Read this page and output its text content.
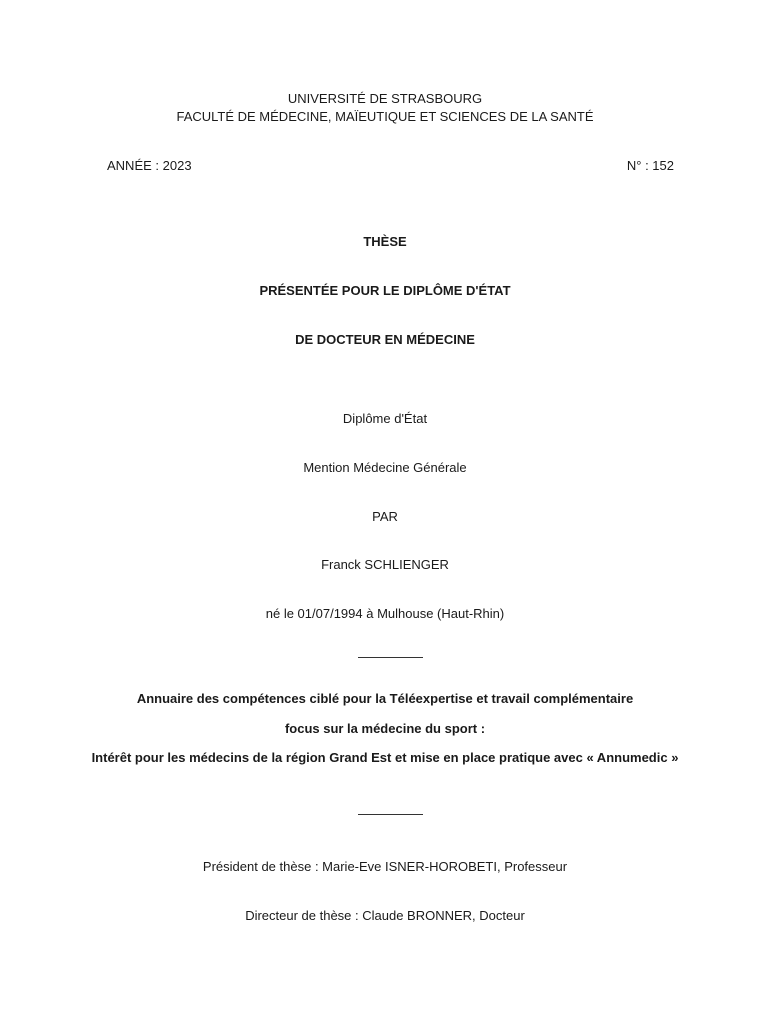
UNIVERSITÉ DE STRASBOURG
FACULTÉ DE MÉDECINE, MAÏEUTIQUE ET SCIENCES DE LA SANTÉ
ANNÉE : 2023	N° : 152
THÈSE
PRÉSENTÉE POUR LE DIPLÔME D'ÉTAT
DE DOCTEUR EN MÉDECINE
Diplôme d'État
Mention Médecine Générale
PAR
Franck SCHLIENGER
né le 01/07/1994 à Mulhouse (Haut-Rhin)
Annuaire des compétences ciblé pour la Téléexpertise et travail complémentaire
focus sur la médecine du sport :
Intérêt pour les médecins de la région Grand Est et mise en place pratique avec « Annumedic »
Président de thèse : Marie-Eve ISNER-HOROBETI, Professeur
Directeur de thèse : Claude BRONNER, Docteur
